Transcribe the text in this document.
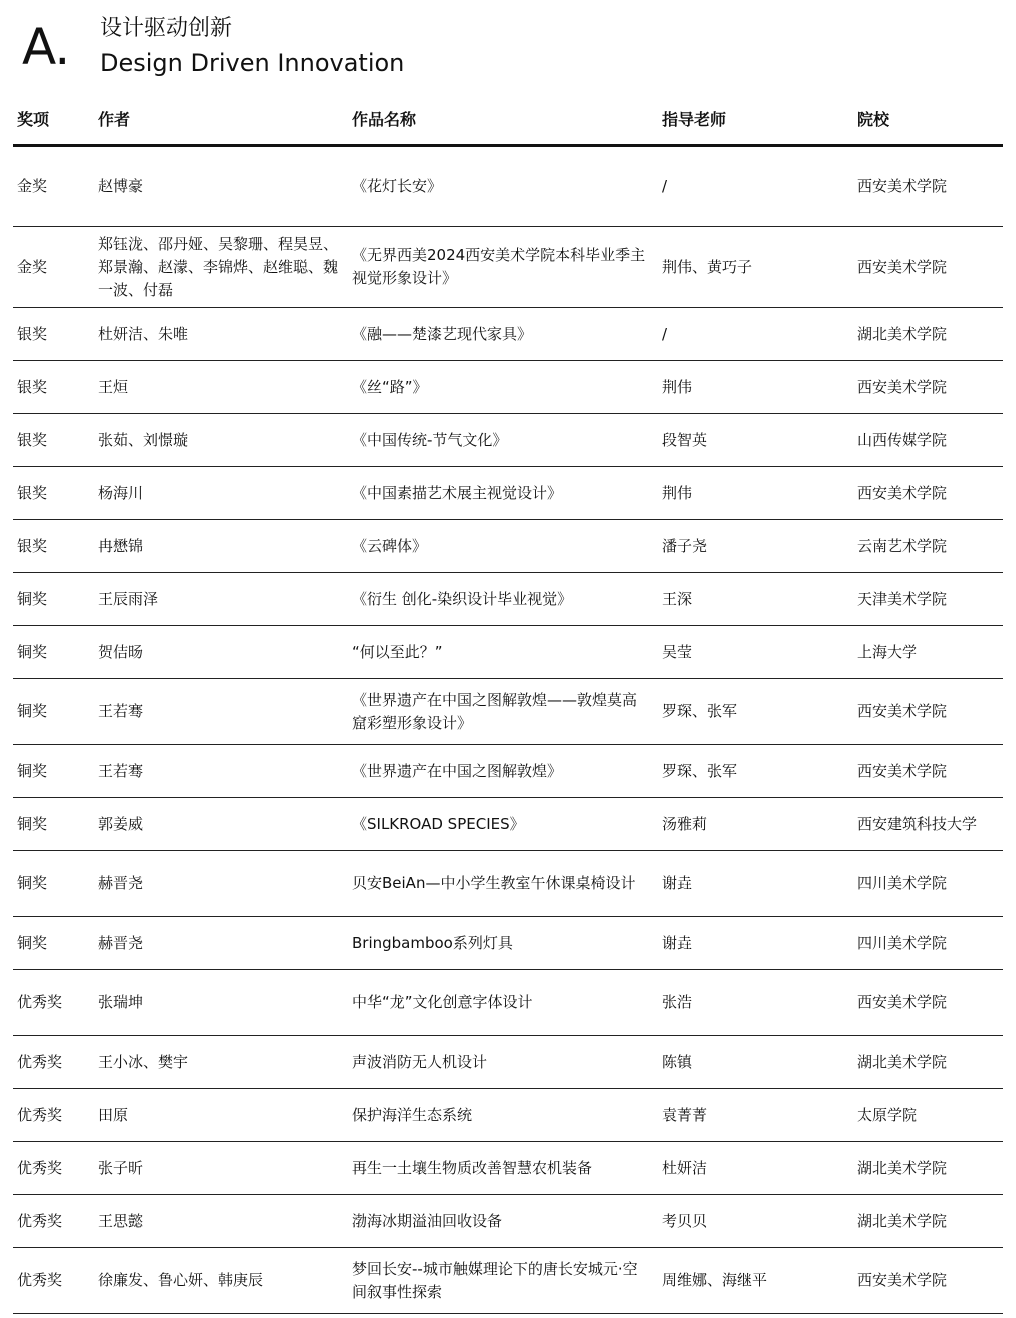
A. 设计驱动创新
Design Driven Innovation
奖项	作者	作品名称	指导老师	院校
金奖	赵博豪	《花灯长安》	/	西安美术学院
金奖	郑钰泷、邵丹娅、吴黎珊、程昊昱、郑景瀚、赵濛、李锦烨、赵维聪、魏一波、付磊	《无界西美2024西安美术学院本科毕业季主视觉形象设计》	荆伟、黄巧子	西安美术学院
银奖	杜妍洁、朱唯	《融——楚漆艺现代家具》	/	湖北美术学院
银奖	王烜	《丝“路”》	荆伟	西安美术学院
银奖	张茹、刘憬璇	《中国传统-节气文化》	段智英	山西传媒学院
银奖	杨海川	《中国素描艺术展主视觉设计》	荆伟	西安美术学院
银奖	冉懋锦	《云碑体》	潘子尧	云南艺术学院
铜奖	王辰雨泽	《衍生 创化-染织设计毕业视觉》	王深	天津美术学院
铜奖	贺佶旸	“何以至此？”	吴莹	上海大学
铜奖	王若骞	《世界遗产在中国之图解敦煌——敦煌莫高窟彩塑形象设计》	罗琛、张军	西安美术学院
铜奖	王若骞	《世界遗产在中国之图解敦煌》	罗琛、张军	西安美术学院
铜奖	郭姜威	《SILKROAD SPECIES》	汤雅莉	西安建筑科技大学
铜奖	赫晋尧	贝安BeiAn—中小学生教室午休课桌椅设计	谢垚	四川美术学院
铜奖	赫晋尧	Bringbamboo系列灯具	谢垚	四川美术学院
优秀奖	张瑞坤	中华“龙”文化创意字体设计	张浩	西安美术学院
优秀奖	王小冰、樊宇	声波消防无人机设计	陈镇	湖北美术学院
优秀奖	田原	保护海洋生态系统	袁菁菁	太原学院
优秀奖	张子昕	再生一土壤生物质改善智慧农机装备	杜妍洁	湖北美术学院
优秀奖	王思懿	渤海冰期溢油回收设备	考贝贝	湖北美术学院
优秀奖	徐廉发、鲁心妍、韩庚辰	梦回长安--城市触媒理论下的唐长安城元·空间叙事性探索	周维娜、海继平	西安美术学院
